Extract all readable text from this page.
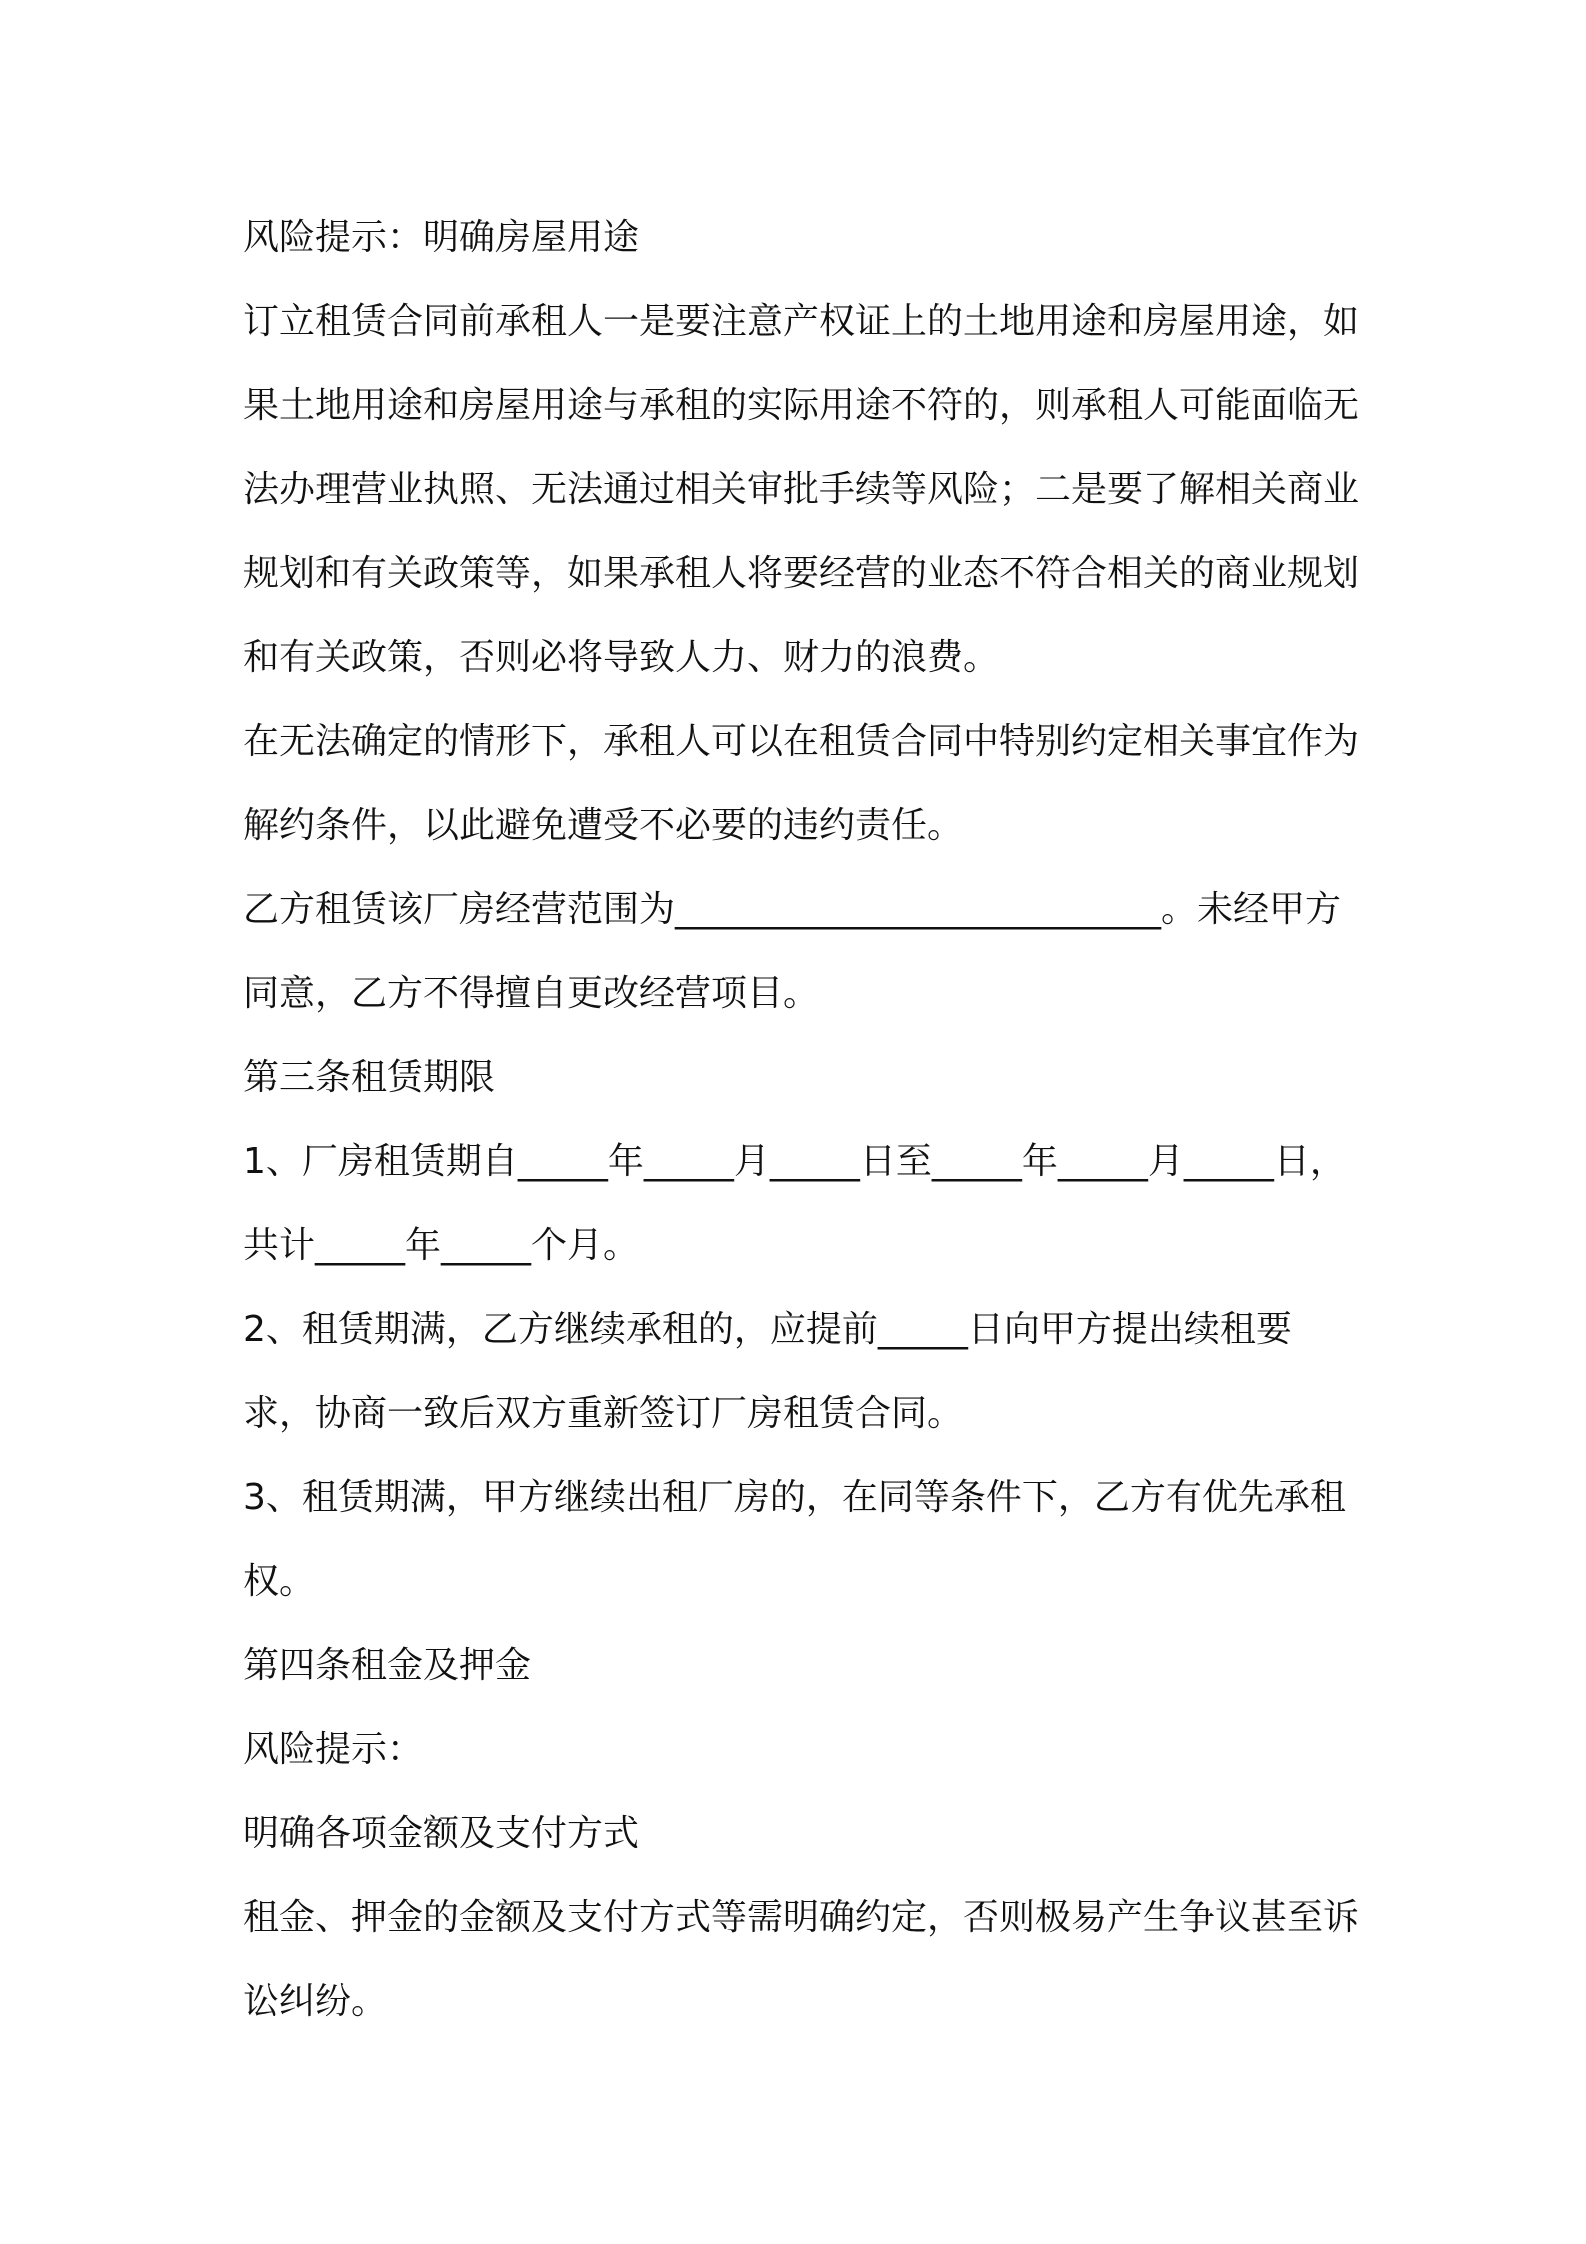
风险提示：明确房屋用途

订立租赁合同前承租人一是要注意产权证上的土地用途和房屋用途，如果土地用途和房屋用途与承租的实际用途不符的，则承租人可能面临无法办理营业执照、无法通过相关审批手续等风险；二是要了解相关商业规划和有关政策等，如果承租人将要经营的业态不符合相关的商业规划和有关政策，否则必将导致人力、财力的浪费。

在无法确定的情形下，承租人可以在租赁合同中特别约定相关事宜作为解约条件，以此避免遭受不必要的违约责任。

乙方租赁该厂房经营范围为___________________________。未经甲方同意，乙方不得擅自更改经营项目。

第三条租赁期限

1、厂房租赁期自_____年_____月_____日至_____年_____月_____日，共计_____年_____个月。

2、租赁期满，乙方继续承租的，应提前_____日向甲方提出续租要求，协商一致后双方重新签订厂房租赁合同。

3、租赁期满，甲方继续出租厂房的，在同等条件下，乙方有优先承租权。

第四条租金及押金

风险提示：

明确各项金额及支付方式

租金、押金的金额及支付方式等需明确约定，否则极易产生争议甚至诉讼纠纷。
